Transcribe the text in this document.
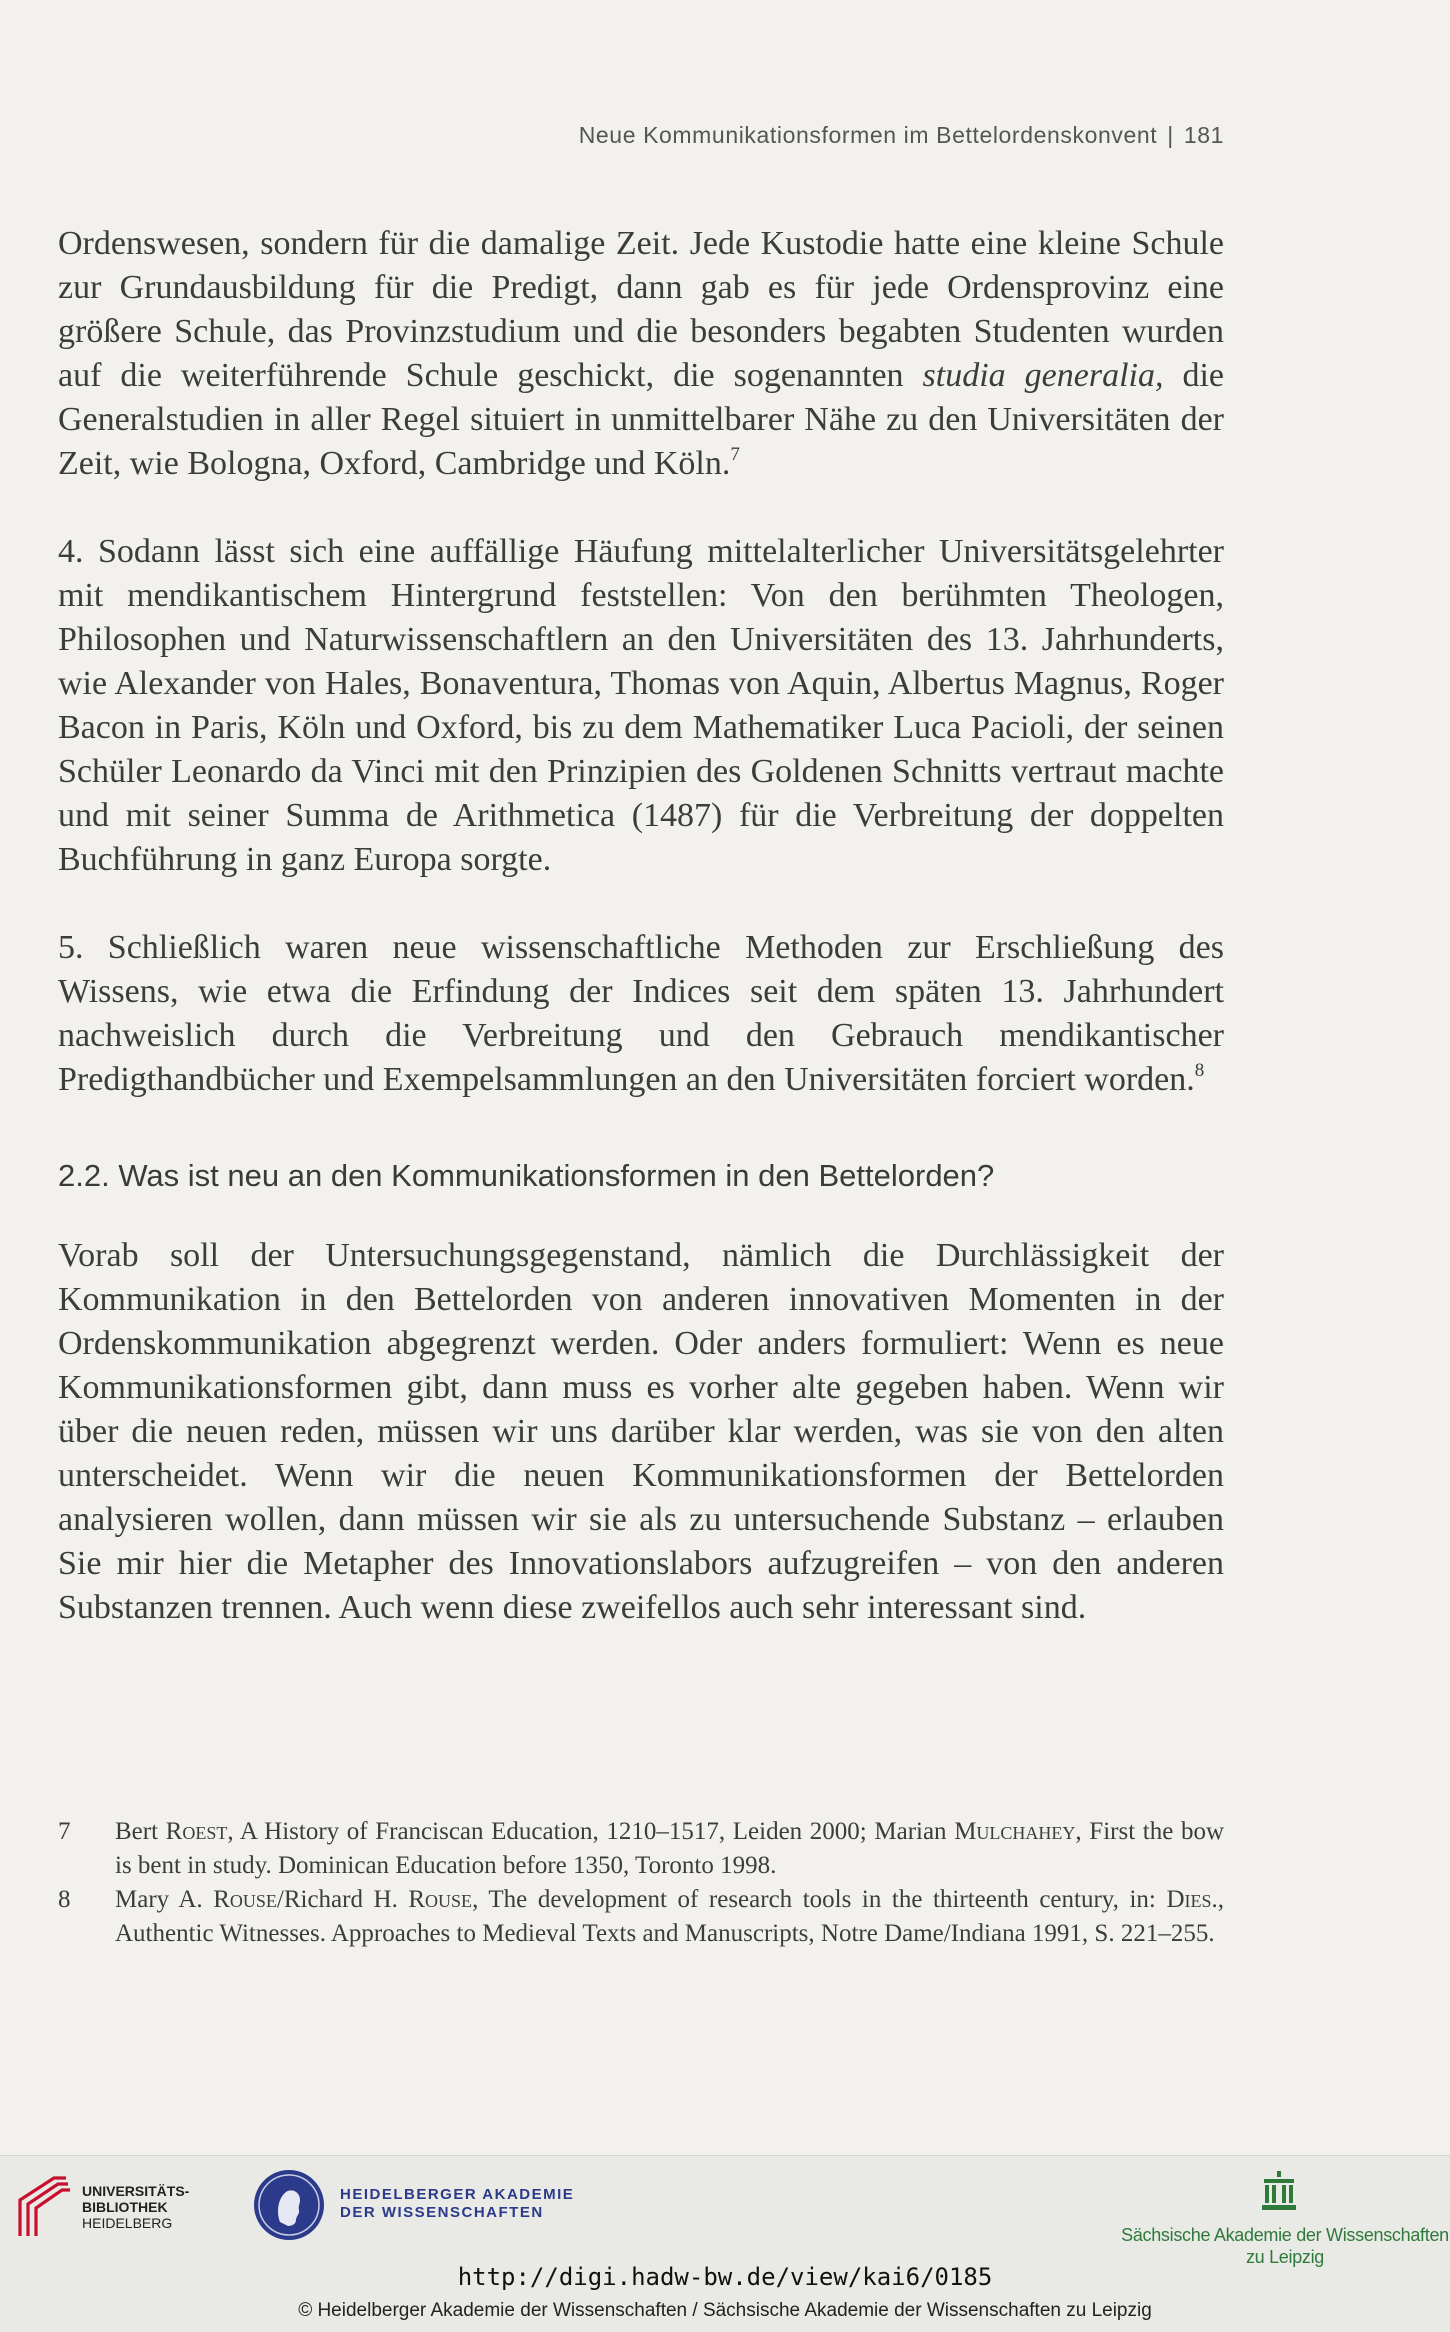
Neue Kommunikationsformen im Bettelordenskonvent | 181

Ordenswesen, sondern für die damalige Zeit. Jede Kustodie hatte eine kleine Schule zur Grundausbildung für die Predigt, dann gab es für jede Ordensprovinz eine größere Schule, das Provinzstudium und die besonders begabten Studenten wurden auf die weiterführende Schule geschickt, die sogenannten studia generalia, die Generalstudien in aller Regel situiert in unmittelbarer Nähe zu den Universitäten der Zeit, wie Bologna, Oxford, Cambridge und Köln.$^7$

4. Sodann lässt sich eine auffällige Häufung mittelalterlicher Universitätsgelehrter mit mendikantischem Hintergrund feststellen: Von den berühmten Theologen, Philosophen und Naturwissenschaftlern an den Universitäten des 13. Jahrhunderts, wie Alexander von Hales, Bonaventura, Thomas von Aquin, Albertus Magnus, Roger Bacon in Paris, Köln und Oxford, bis zu dem Mathematiker Luca Pacioli, der seinen Schüler Leonardo da Vinci mit den Prinzipien des Goldenen Schnitts vertraut machte und mit seiner Summa de Arithmetica (1487) für die Verbreitung der doppelten Buchführung in ganz Europa sorgte.

5. Schließlich waren neue wissenschaftliche Methoden zur Erschließung des Wissens, wie etwa die Erfindung der Indices seit dem späten 13. Jahrhundert nachweislich durch die Verbreitung und den Gebrauch mendikantischer Predigthandbücher und Exempelsammlungen an den Universitäten forciert worden.$^8$

2.2. Was ist neu an den Kommunikationsformen in den Bettelorden?

Vorab soll der Untersuchungsgegenstand, nämlich die Durchlässigkeit der Kommunikation in den Bettelorden von anderen innovativen Momenten in der Ordenskommunikation abgegrenzt werden. Oder anders formuliert: Wenn es neue Kommunikationsformen gibt, dann muss es vorher alte gegeben haben. Wenn wir über die neuen reden, müssen wir uns darüber klar werden, was sie von den alten unterscheidet. Wenn wir die neuen Kommunikationsformen der Bettelorden analysieren wollen, dann müssen wir sie als zu untersuchende Substanz – erlauben Sie mir hier die Metapher des Innovationslabors aufzugreifen – von den anderen Substanzen trennen. Auch wenn diese zweifellos auch sehr interessant sind.

7	Bert Roest, A History of Franciscan Education, 1210–1517, Leiden 2000; Marian Mulchahey, First the bow is bent in study. Dominican Education before 1350, Toronto 1998.
8	Mary A. Rouse/Richard H. Rouse, The development of research tools in the thirteenth century, in: Dies., Authentic Witnesses. Approaches to Medieval Texts and Manuscripts, Notre Dame/Indiana 1991, S. 221–255.
UNIVERSITÄTS-
BIBLIOTHEK
HEIDELBERG
HEIDELBERGER AKADEMIE
DER WISSENSCHAFTEN
Sächsische Akademie der Wissenschaften
zu Leipzig
http://digi.hadw-bw.de/view/kai6/0185
© Heidelberger Akademie der Wissenschaften / Sächsische Akademie der Wissenschaften zu Leipzig
